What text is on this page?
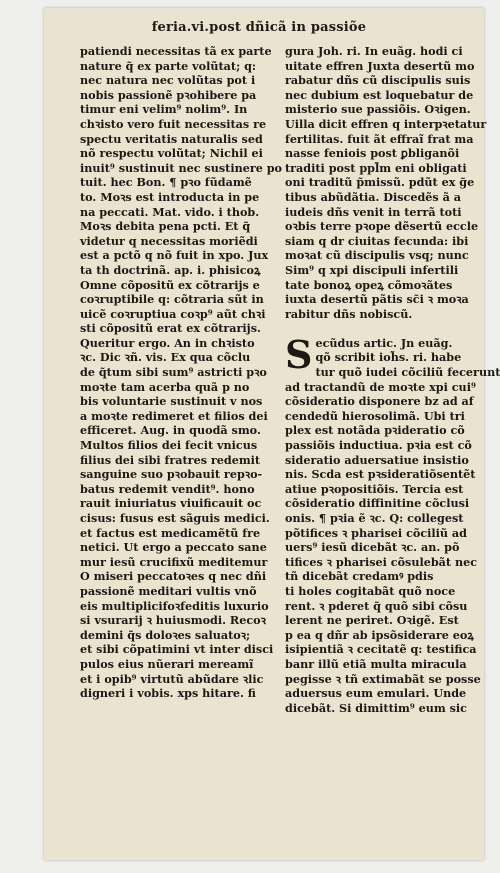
feria.vi.post dñicã in passiõe
patiendi necessitas tã ex parte
nature q̃ ex parte volũtat; q:
nec natura nec volũtas pot i
nobis passionẽ pꝛohibere pa
timur eni velim⁹ nolim⁹. In
chꝛisto vero fuit necessitas re
spectu veritatis naturalis sed
nõ respectu volũtat; Nichil ei
inuit⁹ sustinuit nec sustinere po
tuit. hec Bon. ¶ pꝛo fũdamẽ
to. Moꝛs est introducta in pe
na peccati. Mat. vido. i thob.
Moꝛs debita pena pcti. Et q̃
videtur q necessitas moriẽdi
est a pctõ q nõ fuit in xpo. Jux
ta th doctrinã. ap. i. phisicoꝝ
Omne cõpositũ ex cõtrarijs e
coꝛruptibile q: cõtraria sũt in
uicẽ coꝛruptiua coꝛp⁹ aũt chꝛi
sti cõpositũ erat ex cõtrarijs.
Queritur ergo. An in chꝛisto
ꝛc. Dic ꝛñ. vis. Ex qua cõclu
de q̃tum sibi sum⁹ astricti pꝛo
moꝛte tam acerba quã p no
bis voluntarie sustinuit v nos
a moꝛte redimeret et filios dei
efficeret. Aug. in quodã smo.
Multos filios dei fecit vnicus
filius dei sibi fratres redemit
sanguine suo pꝛobauit repꝛo-
batus redemit vendit⁹. hono
rauit iniuriatus viuificauit oc
cisus: fusus est sãguis medici.
et factus est medicamẽtũ fre
netici. Ut ergo a peccato sane
mur iesũ crucifixũ meditemur
O miseri peccatoꝛes q nec dñi
passionẽ meditari vultis vnõ
eis multiplicifoꝛfeditis luxurio
si vsurarij ꝛ huiusmodi. Recoꝛ
demini q̃s doloꝛes saluatoꝛ;
et sibi cõpatimini vt inter disci
pulos eius nũerari mereamĩ
et i opib⁹ virtutũ abũdare ꝛlic
digneri i vobis. xps hitare. fi
gura Joh. ri. In euãg. hodi ci
uitate effren Juxta desertũ mo
rabatur dñs cũ discipulis suis
nec dubium est loquebatur de
misterio sue passiõis. Oꝛigen.
Uilla dicit effren q interpꝛetatur
fertilitas. fuit ãt effraĩ frat ma
nasse feniois post ꝑbliganõi
traditi post ppl̃m eni obligati
oni traditũ p̃missũ. pdũt ex g̃e
tibus abũdãtia. Discedẽs ã a
iudeis dñs venit in terrã toti
oꝛbis terre pꝛope dẽsertũ eccle
siam q dr ciuitas fecunda: ibi
moꝛat cũ discipulis vsq; nunc
Sim⁹ q xpi discipuli infertili
tate bonoꝝ opeꝝ cõmoꝛãtes
iuxta desertũ pãtis sc̃i ꝛ moꝛa
rabitur dñs nobiscũ.
Secũdus artic. Jn euãg.
qõ scribit ioh̃s. ri. habe
tur quõ iudei cõciliũ fecerunt
ad tractandũ de moꝛte xpi cui⁹
cõsideratio disponere bz ad af
cendedũ hierosolimã. Ubi tri
plex est notãda pꝛideratio cõ
passiõis inductiua. pꝛia est cõ
sideratio aduersatiue insistio
nis. Scda est pꝛsideratiõsentẽt
atiue pꝛopositiõis. Tercia est
cõsideratio diffinitine cõclusi
onis. ¶ pꝛia ẽ ꝛc. Q: collegest
põtifices ꝛ pharisei cõciliũ ad
uers⁹ iesũ dicebãt ꝛc. an. põ
tifices ꝛ pharisei cõsulebãt nec
tñ dicebãt credamꝰ pdis
ti holes cogitabãt quõ noce
rent. ꝛ pderet q̃ quõ sibi cõsu
lerent ne periret. Oꝛigẽ. Est
p ea q dñr ab ipsõsiderare eoꝝ
isipientiã ꝛ cecitatẽ q: testifica
banr illũ etiã multa miracula
pegisse ꝛ tñ extimabãt se posse
aduersus eum emulari. Unde
dicebãt. Si dimittim⁹ eum sic
